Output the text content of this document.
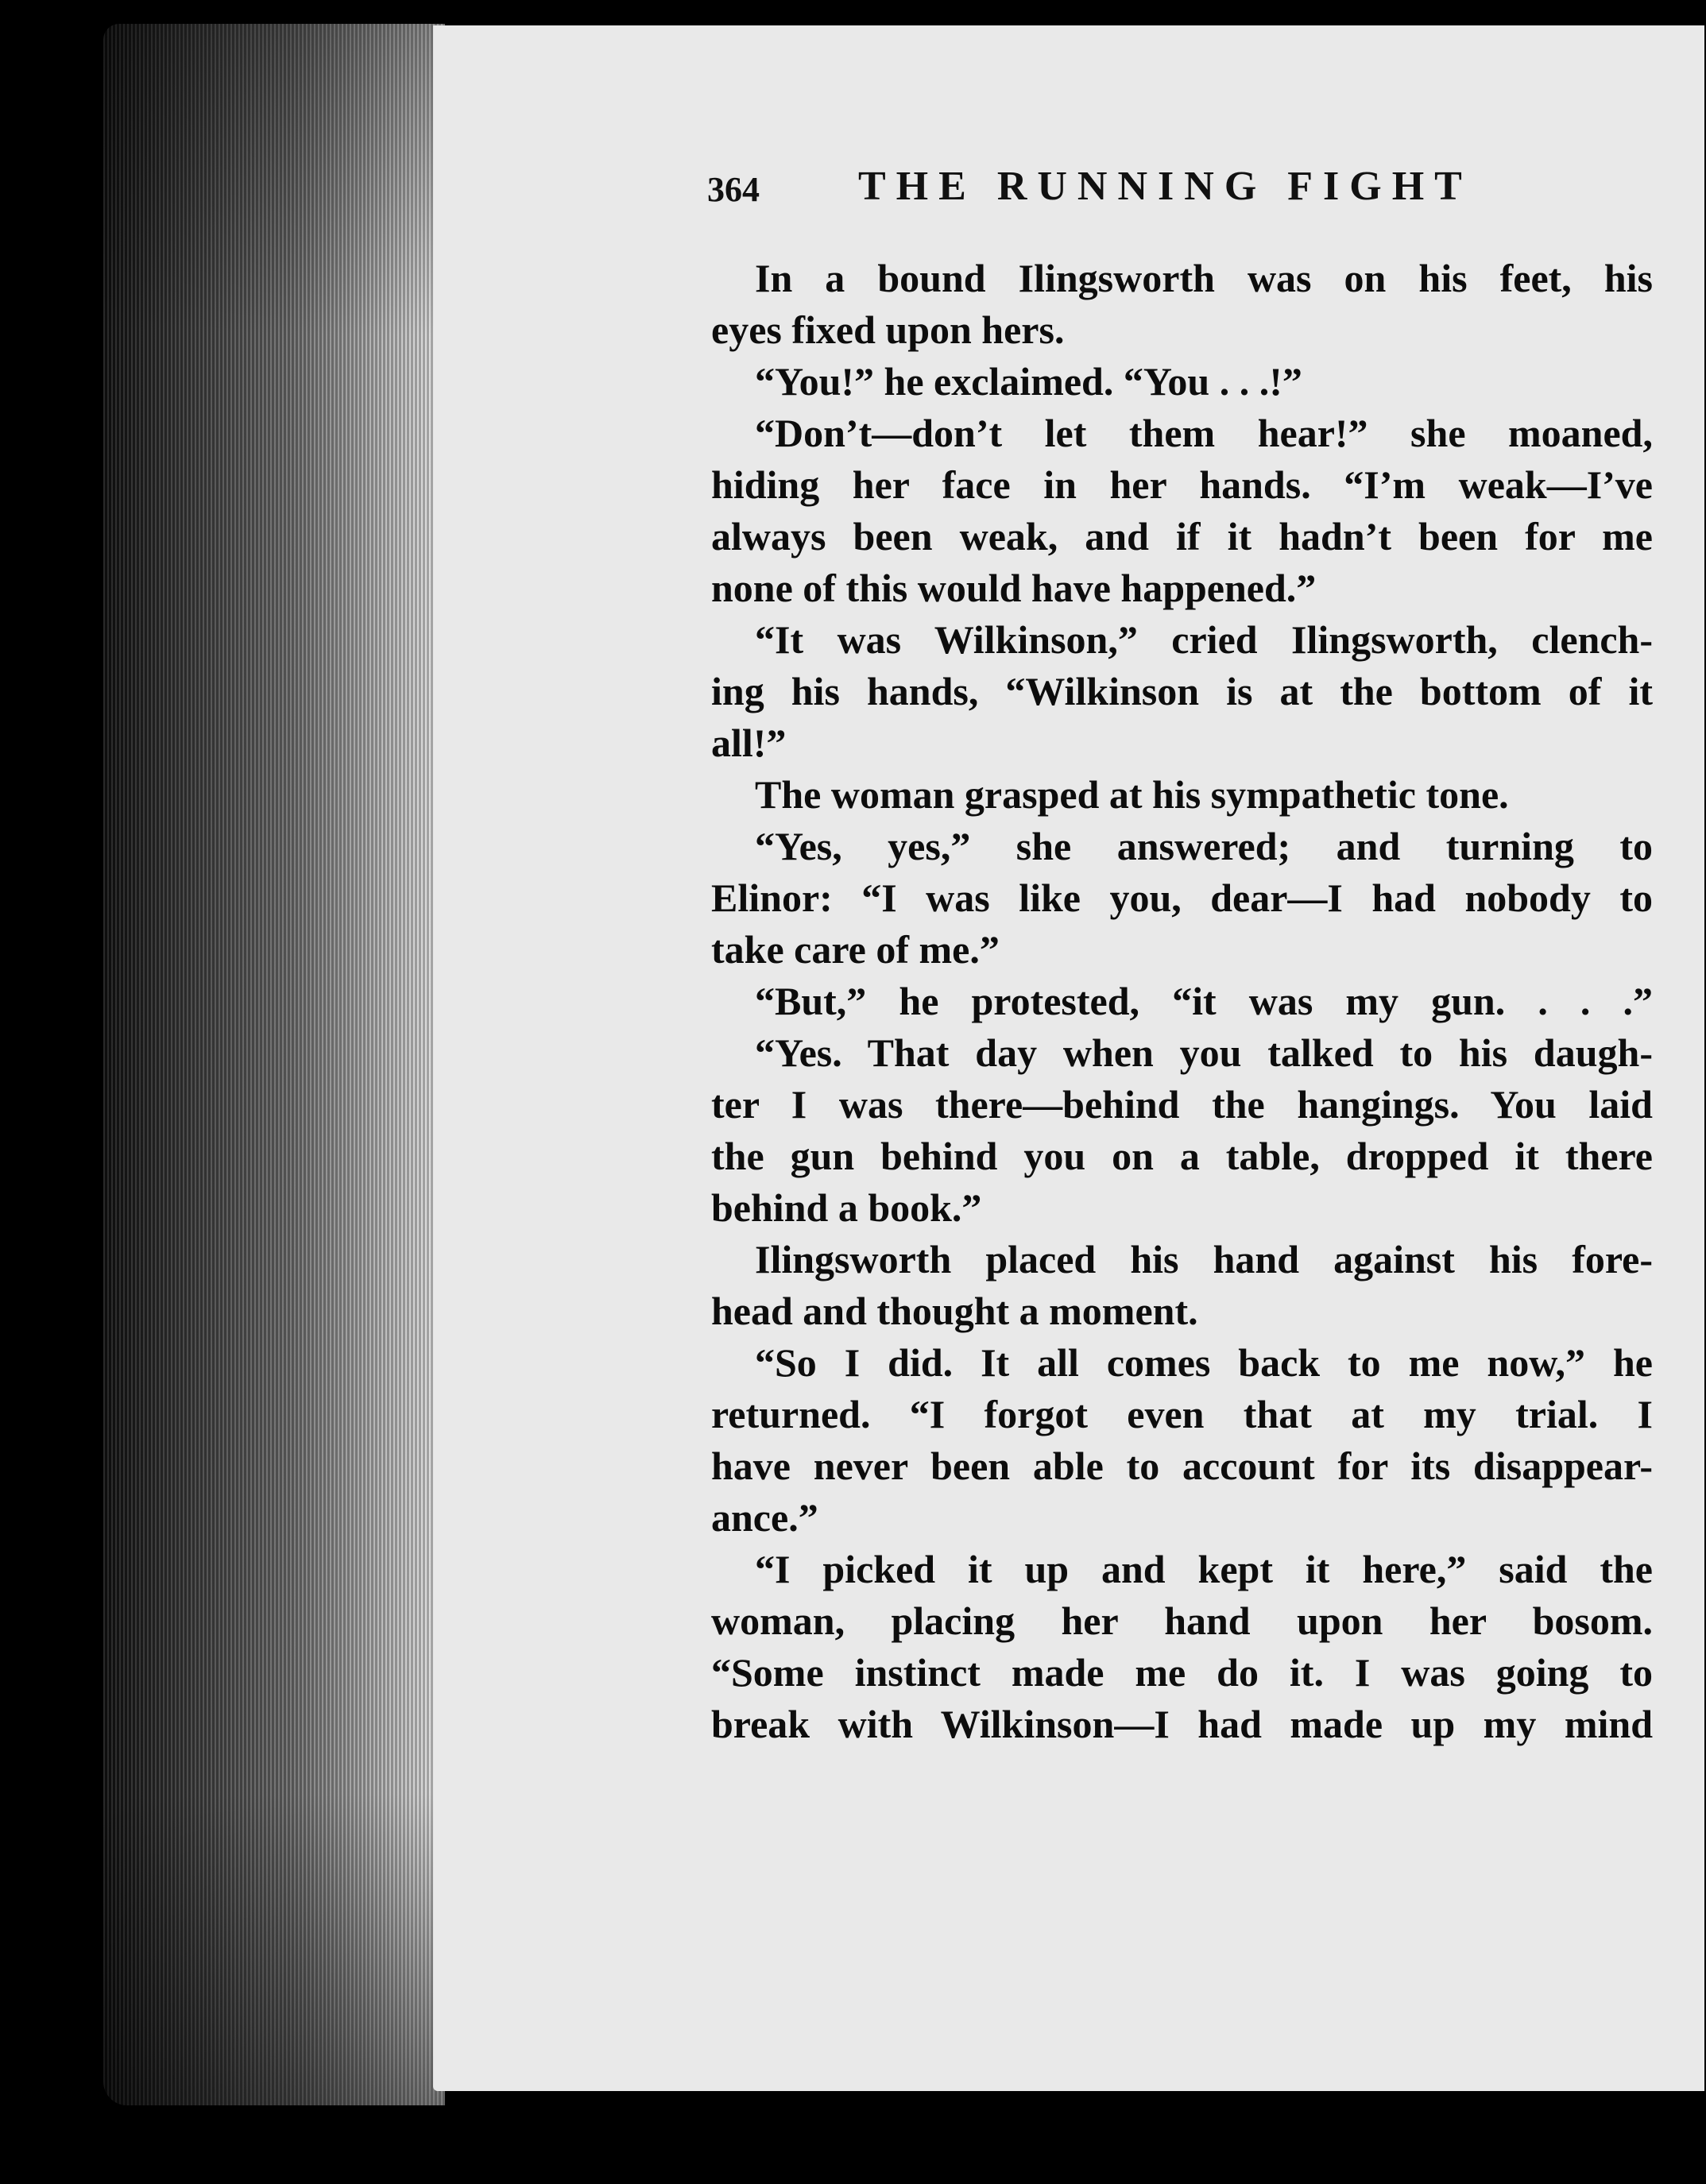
364 THE RUNNING FIGHT
In a bound Ilingsworth was on his feet, his
eyes fixed upon hers.
“You!” he exclaimed. “You . . .!”
“Don’t—don’t let them hear!” she moaned,
hiding her face in her hands. “I’m weak—I’ve
always been weak, and if it hadn’t been for me
none of this would have happened.”
“It was Wilkinson,” cried Ilingsworth, clench-
ing his hands, “Wilkinson is at the bottom of it
all!”
The woman grasped at his sympathetic tone.
“Yes, yes,” she answered; and turning to
Elinor: “I was like you, dear—I had nobody to
take care of me.”
“But,” he protested, “it was my gun. . . .”
“Yes. That day when you talked to his daugh-
ter I was there—behind the hangings. You laid
the gun behind you on a table, dropped it there
behind a book.”
Ilingsworth placed his hand against his fore-
head and thought a moment.
“So I did. It all comes back to me now,” he
returned. “I forgot even that at my trial. I
have never been able to account for its disappear-
ance.”
“I picked it up and kept it here,” said the
woman, placing her hand upon her bosom.
“Some instinct made me do it. I was going to
break with Wilkinson—I had made up my mind
